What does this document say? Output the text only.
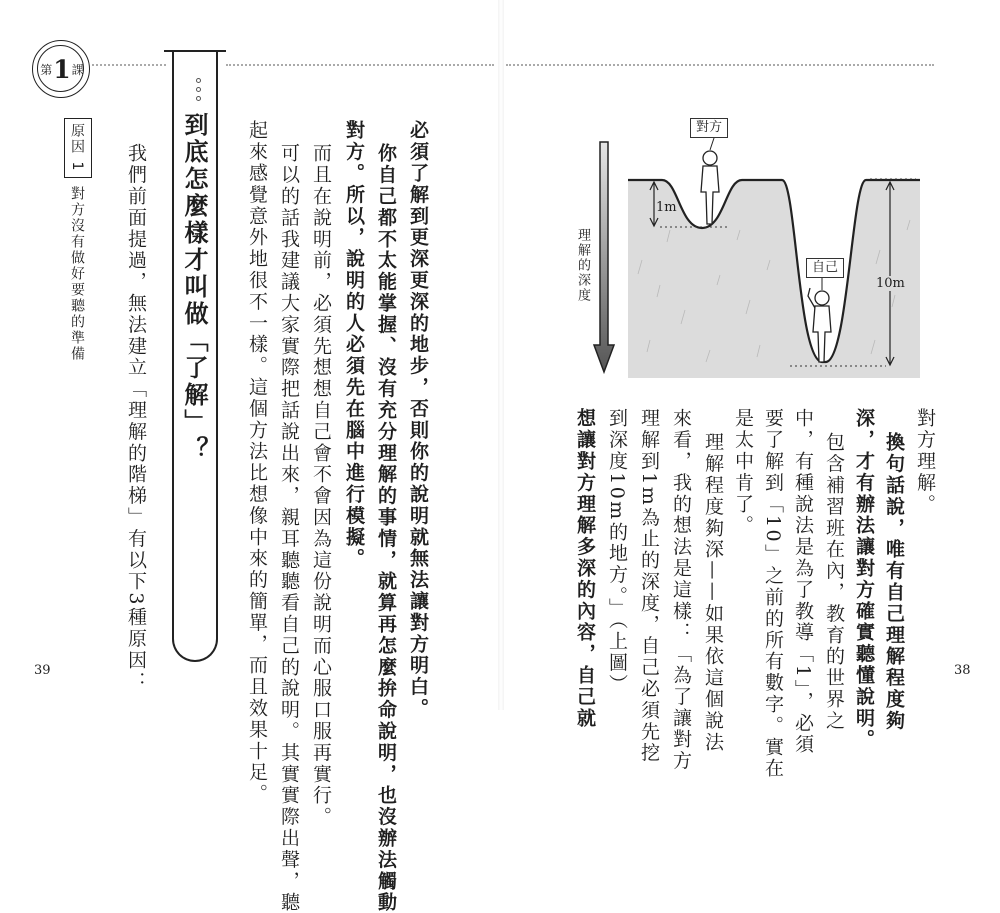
第1課
到底怎麼樣才叫做「了解」？
原因 1
對方沒有做好要聽的準備 我們前面提過，無法建立「理解的階梯」有以下3種原因：	起來感覺意外地很不一樣。這個方法比想像中來的簡單，而且效果十足。 可以的話我建議大家實際把話說出來，親耳聽聽看自己的說明。其實實際出聲，聽 而且在說明前，必須先想想自己會不會因為這份說明而心服口服再實行。 對方。所以，說明的人必須先在腦中進行模擬。 你自己都不太能掌握、沒有充分理解的事情，就算再怎麼拚命說明，也沒辦法觸動 必須了解到更深更深的地步，否則你的說明就無法讓對方明白。
39
對方
自己
1m
10m
理解的深度
想讓對方理解多深的內容，自己就 到深度10m的地方。」（上圖） 理解到1m為止的深度，自己必須先挖 來看，我的想法是這樣：「為了讓對方 理解程度夠深——如果依這個說法 是太中肯了。 要了解到「10」之前的所有數字。實在 中，有種說法是為了教導「1」，必須 包含補習班在內，教育的世界之 深，才有辦法讓對方確實聽懂說明。 換句話說，唯有自己理解程度夠 對方理解。
38
